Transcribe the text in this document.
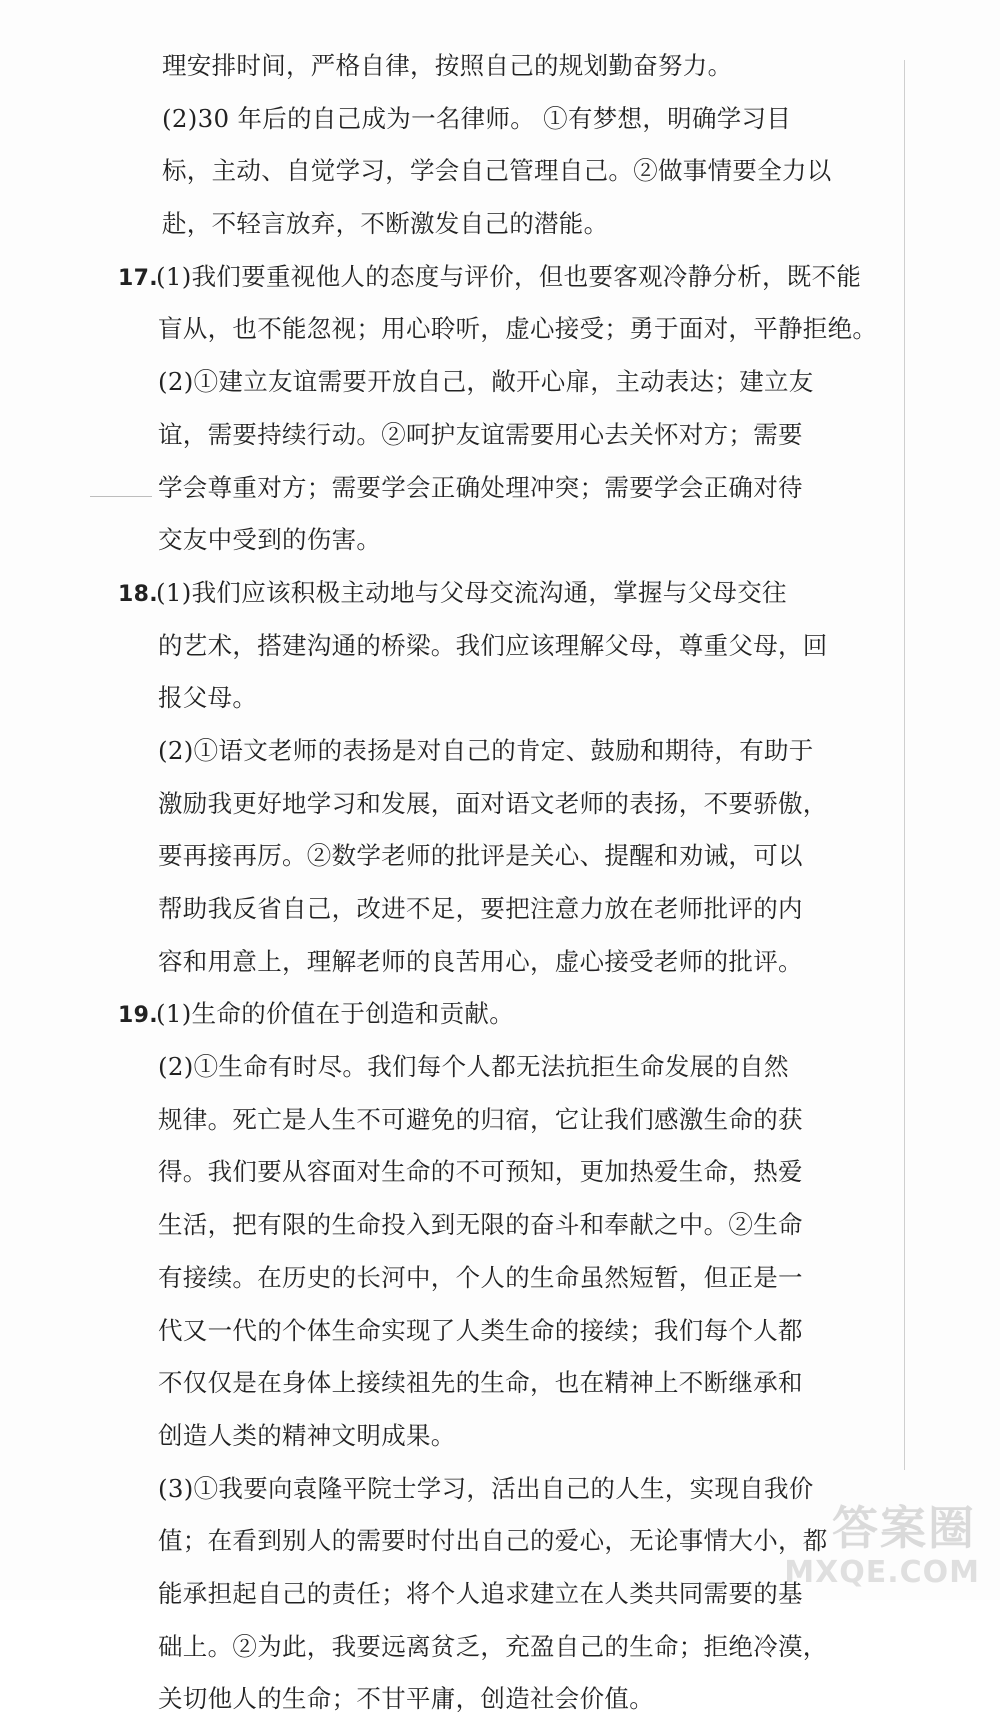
理安排时间，严格自律，按照自己的规划勤奋努力。
(2)30 年后的自己成为一名律师。 ①有梦想，明确学习目
标，主动、自觉学习，学会自己管理自己。②做事情要全力以
赴，不轻言放弃，不断激发自己的潜能。
17.(1)我们要重视他人的态度与评价，但也要客观冷静分析，既不能
盲从，也不能忽视；用心聆听，虚心接受；勇于面对，平静拒绝。
(2)①建立友谊需要开放自己，敞开心扉，主动表达；建立友
谊，需要持续行动。②呵护友谊需要用心去关怀对方；需要
学会尊重对方；需要学会正确处理冲突；需要学会正确对待
交友中受到的伤害。
18.(1)我们应该积极主动地与父母交流沟通，掌握与父母交往
的艺术，搭建沟通的桥梁。我们应该理解父母，尊重父母，回
报父母。
(2)①语文老师的表扬是对自己的肯定、鼓励和期待，有助于
激励我更好地学习和发展，面对语文老师的表扬，不要骄傲，
要再接再厉。②数学老师的批评是关心、提醒和劝诫，可以
帮助我反省自己，改进不足，要把注意力放在老师批评的内
容和用意上，理解老师的良苦用心，虚心接受老师的批评。
19.(1)生命的价值在于创造和贡献。
(2)①生命有时尽。我们每个人都无法抗拒生命发展的自然
规律。死亡是人生不可避免的归宿，它让我们感激生命的获
得。我们要从容面对生命的不可预知，更加热爱生命，热爱
生活，把有限的生命投入到无限的奋斗和奉献之中。②生命
有接续。在历史的长河中，个人的生命虽然短暂，但正是一
代又一代的个体生命实现了人类生命的接续；我们每个人都
不仅仅是在身体上接续祖先的生命，也在精神上不断继承和
创造人类的精神文明成果。
(3)①我要向袁隆平院士学习，活出自己的人生，实现自我价
值；在看到别人的需要时付出自己的爱心，无论事情大小，都
能承担起自己的责任；将个人追求建立在人类共同需要的基
础上。②为此，我要远离贫乏，充盈自己的生命；拒绝冷漠，
关切他人的生命；不甘平庸，创造社会价值。
答案圈
MXQE.COM
